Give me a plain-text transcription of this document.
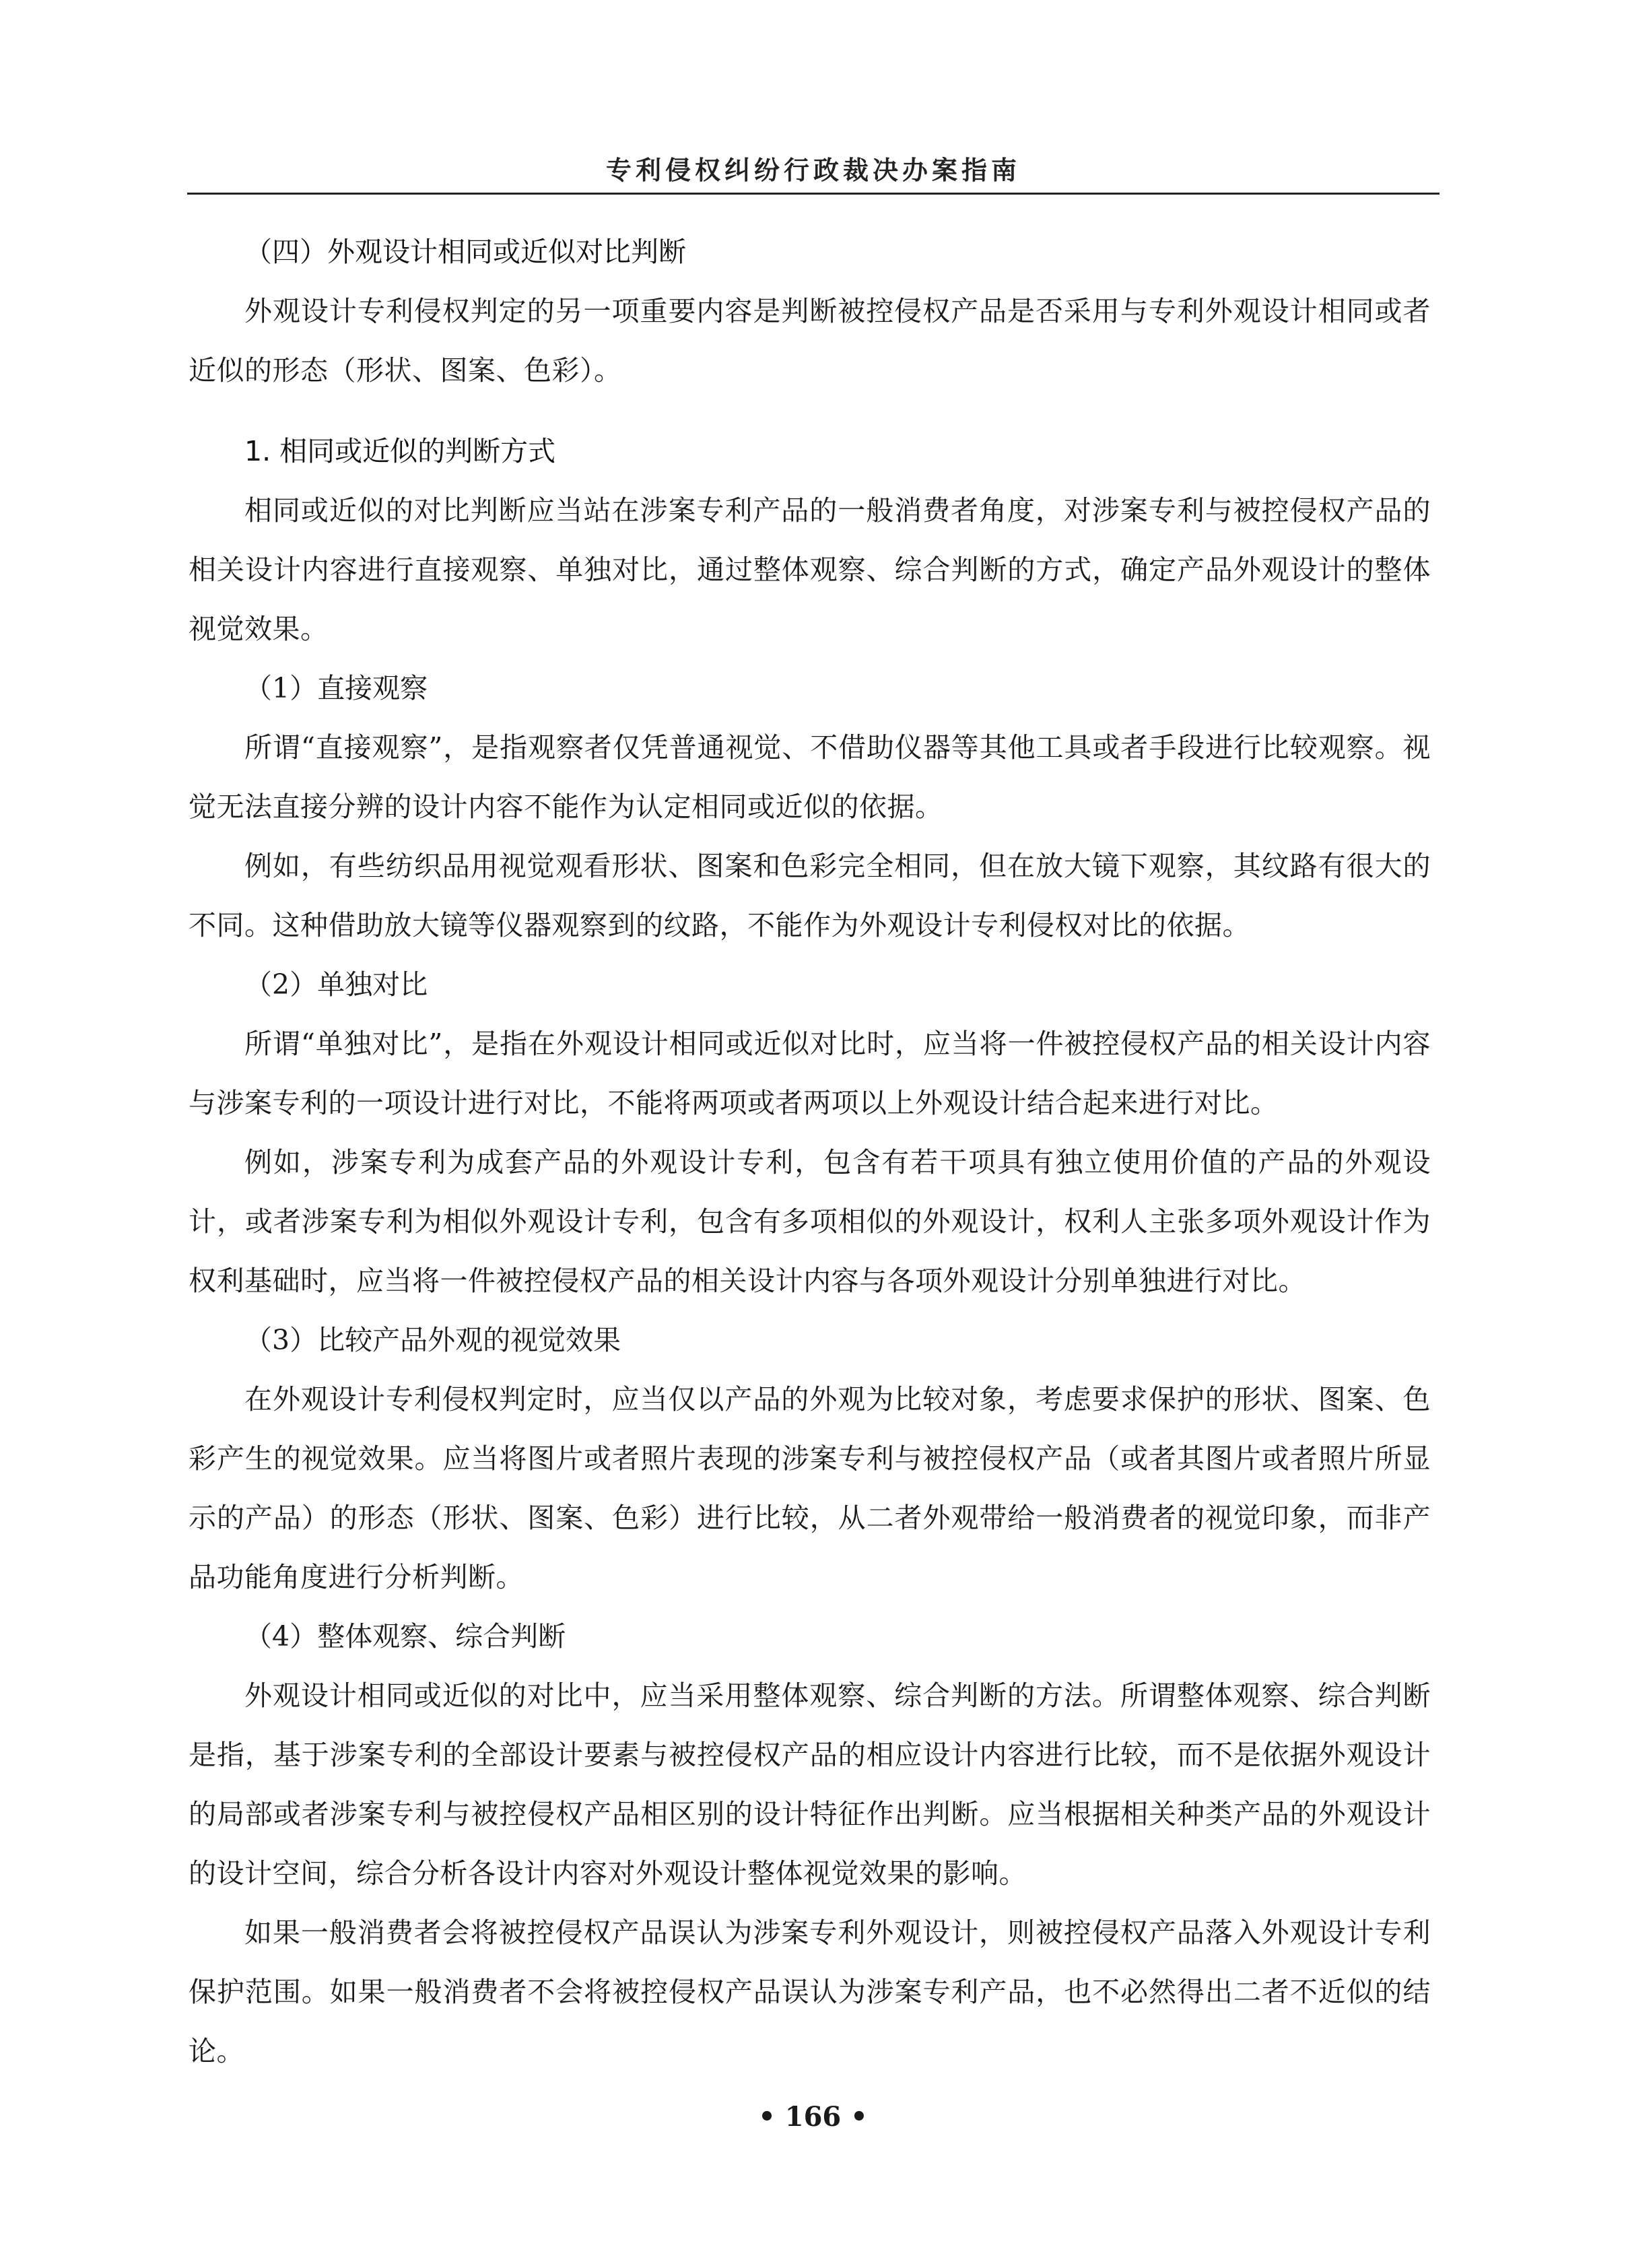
专利侵权纠纷行政裁决办案指南

（四）外观设计相同或近似对比判断

外观设计专利侵权判定的另一项重要内容是判断被控侵权产品是否采用与专利外观设计相同或者近似的形态（形状、图案、色彩）。

1. 相同或近似的判断方式

相同或近似的对比判断应当站在涉案专利产品的一般消费者角度，对涉案专利与被控侵权产品的相关设计内容进行直接观察、单独对比，通过整体观察、综合判断的方式，确定产品外观设计的整体视觉效果。

（1）直接观察

所谓“直接观察”，是指观察者仅凭普通视觉、不借助仪器等其他工具或者手段进行比较观察。视觉无法直接分辨的设计内容不能作为认定相同或近似的依据。

例如，有些纺织品用视觉观看形状、图案和色彩完全相同，但在放大镜下观察，其纹路有很大的不同。这种借助放大镜等仪器观察到的纹路，不能作为外观设计专利侵权对比的依据。

（2）单独对比

所谓“单独对比”，是指在外观设计相同或近似对比时，应当将一件被控侵权产品的相关设计内容与涉案专利的一项设计进行对比，不能将两项或者两项以上外观设计结合起来进行对比。

例如，涉案专利为成套产品的外观设计专利，包含有若干项具有独立使用价值的产品的外观设计，或者涉案专利为相似外观设计专利，包含有多项相似的外观设计，权利人主张多项外观设计作为权利基础时，应当将一件被控侵权产品的相关设计内容与各项外观设计分别单独进行对比。

（3）比较产品外观的视觉效果

在外观设计专利侵权判定时，应当仅以产品的外观为比较对象，考虑要求保护的形状、图案、色彩产生的视觉效果。应当将图片或者照片表现的涉案专利与被控侵权产品（或者其图片或者照片所显示的产品）的形态（形状、图案、色彩）进行比较，从二者外观带给一般消费者的视觉印象，而非产品功能角度进行分析判断。

（4）整体观察、综合判断

外观设计相同或近似的对比中，应当采用整体观察、综合判断的方法。所谓整体观察、综合判断是指，基于涉案专利的全部设计要素与被控侵权产品的相应设计内容进行比较，而不是依据外观设计的局部或者涉案专利与被控侵权产品相区别的设计特征作出判断。应当根据相关种类产品的外观设计的设计空间，综合分析各设计内容对外观设计整体视觉效果的影响。

如果一般消费者会将被控侵权产品误认为涉案专利外观设计，则被控侵权产品落入外观设计专利保护范围。如果一般消费者不会将被控侵权产品误认为涉案专利产品，也不必然得出二者不近似的结论。

• 166 •
